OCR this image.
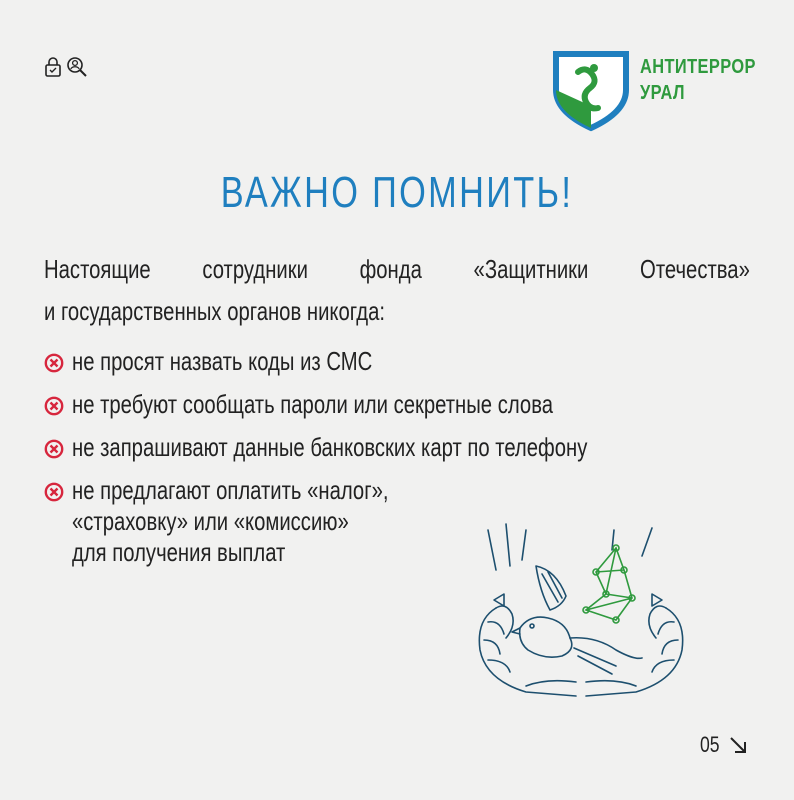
АНТИТЕРРОР
УРАЛ
ВАЖНО ПОМНИТЬ!
Настоящие сотрудники фонда «Защитники Отечества»
и государственных органов никогда:
не просят назвать коды из СМС
не требуют сообщать пароли или секретные слова
не запрашивают данные банковских карт по телефону
не предлагают оплатить «налог»,
«страховку» или «комиссию»
для получения выплат
05
